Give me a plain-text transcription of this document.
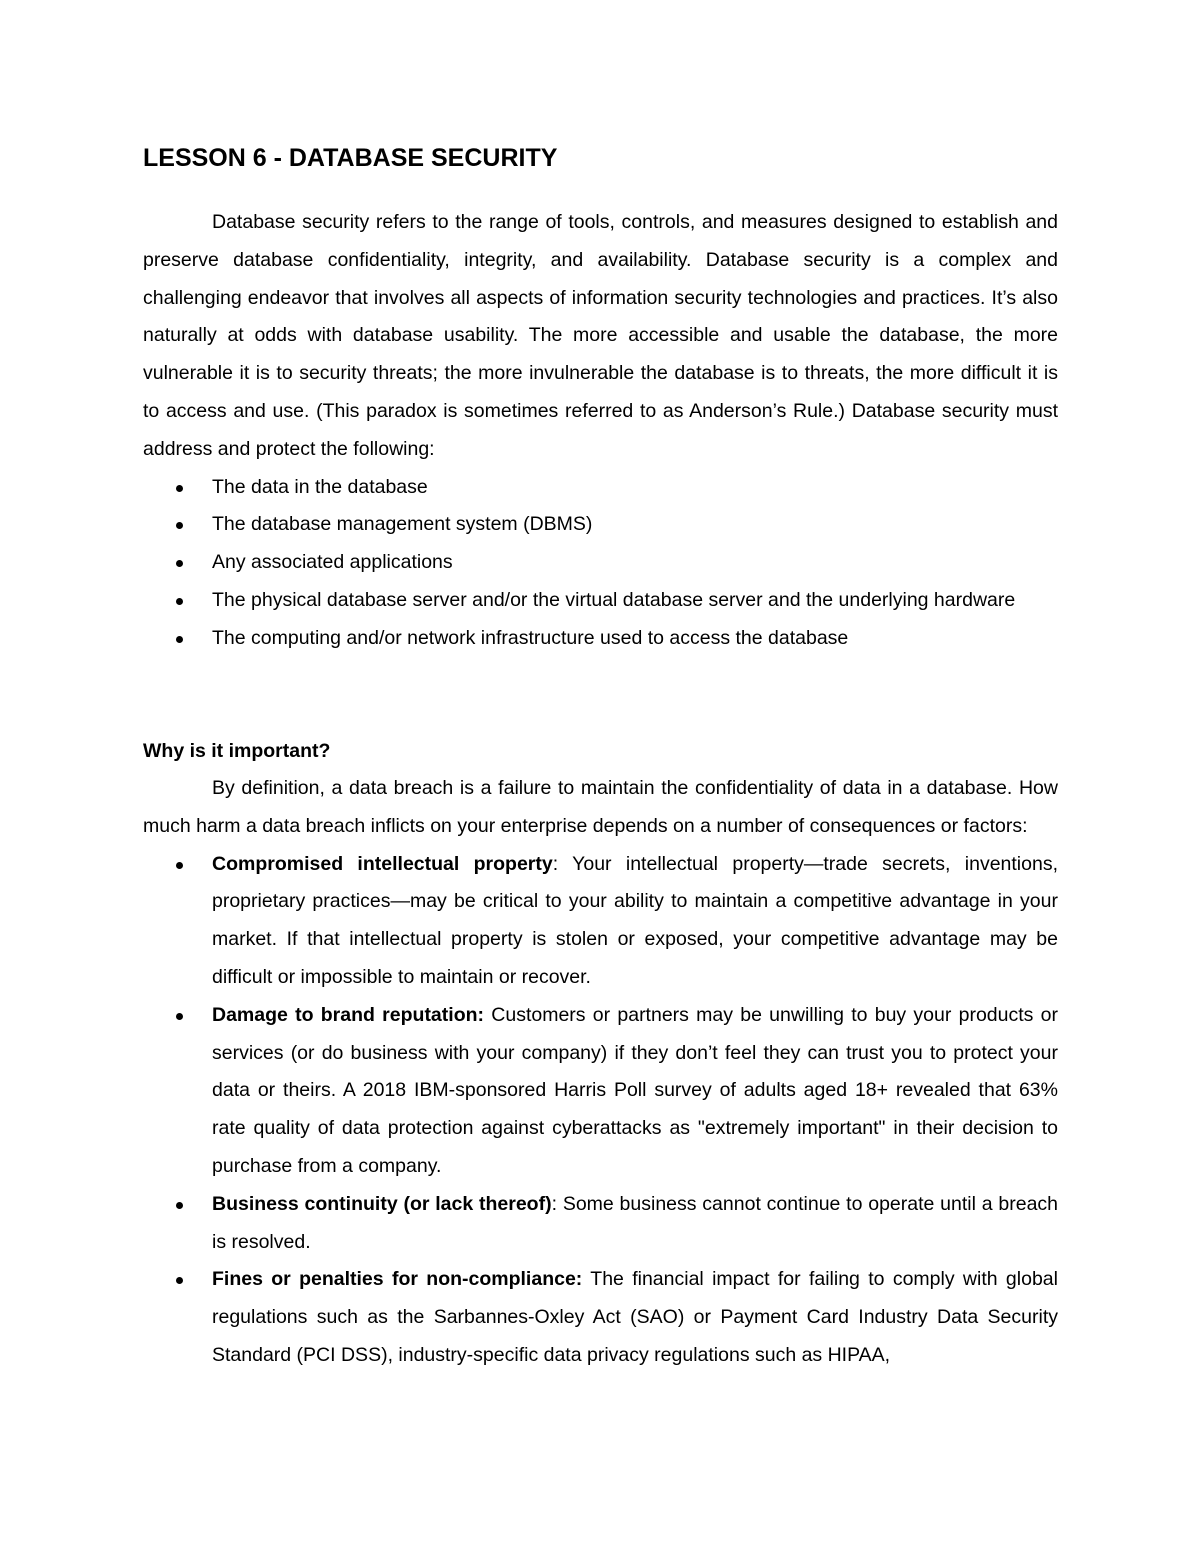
LESSON 6 - DATABASE SECURITY

Database security refers to the range of tools, controls, and measures designed to establish and preserve database confidentiality, integrity, and availability. Database security is a complex and challenging endeavor that involves all aspects of information security technologies and practices. It’s also naturally at odds with database usability. The more accessible and usable the database, the more vulnerable it is to security threats; the more invulnerable the database is to threats, the more difficult it is to access and use. (This paradox is sometimes referred to as Anderson’s Rule.) Database security must address and protect the following:

The data in the database
The database management system (DBMS)
Any associated applications
The physical database server and/or the virtual database server and the underlying hardware
The computing and/or network infrastructure used to access the database
Why is it important?

By definition, a data breach is a failure to maintain the confidentiality of data in a database. How much harm a data breach inflicts on your enterprise depends on a number of consequences or factors:

Compromised intellectual property: Your intellectual property—trade secrets, inventions, proprietary practices—may be critical to your ability to maintain a competitive advantage in your market. If that intellectual property is stolen or exposed, your competitive advantage may be difficult or impossible to maintain or recover.
Damage to brand reputation: Customers or partners may be unwilling to buy your products or services (or do business with your company) if they don’t feel they can trust you to protect your data or theirs. A 2018 IBM-sponsored Harris Poll survey of adults aged 18+ revealed that 63% rate quality of data protection against cyberattacks as "extremely important" in their decision to purchase from a company.
Business continuity (or lack thereof): Some business cannot continue to operate until a breach is resolved.
Fines or penalties for non-compliance: The financial impact for failing to comply with global regulations such as the Sarbannes-Oxley Act (SAO) or Payment Card Industry Data Security Standard (PCI DSS), industry-specific data privacy regulations such as HIPAA,
